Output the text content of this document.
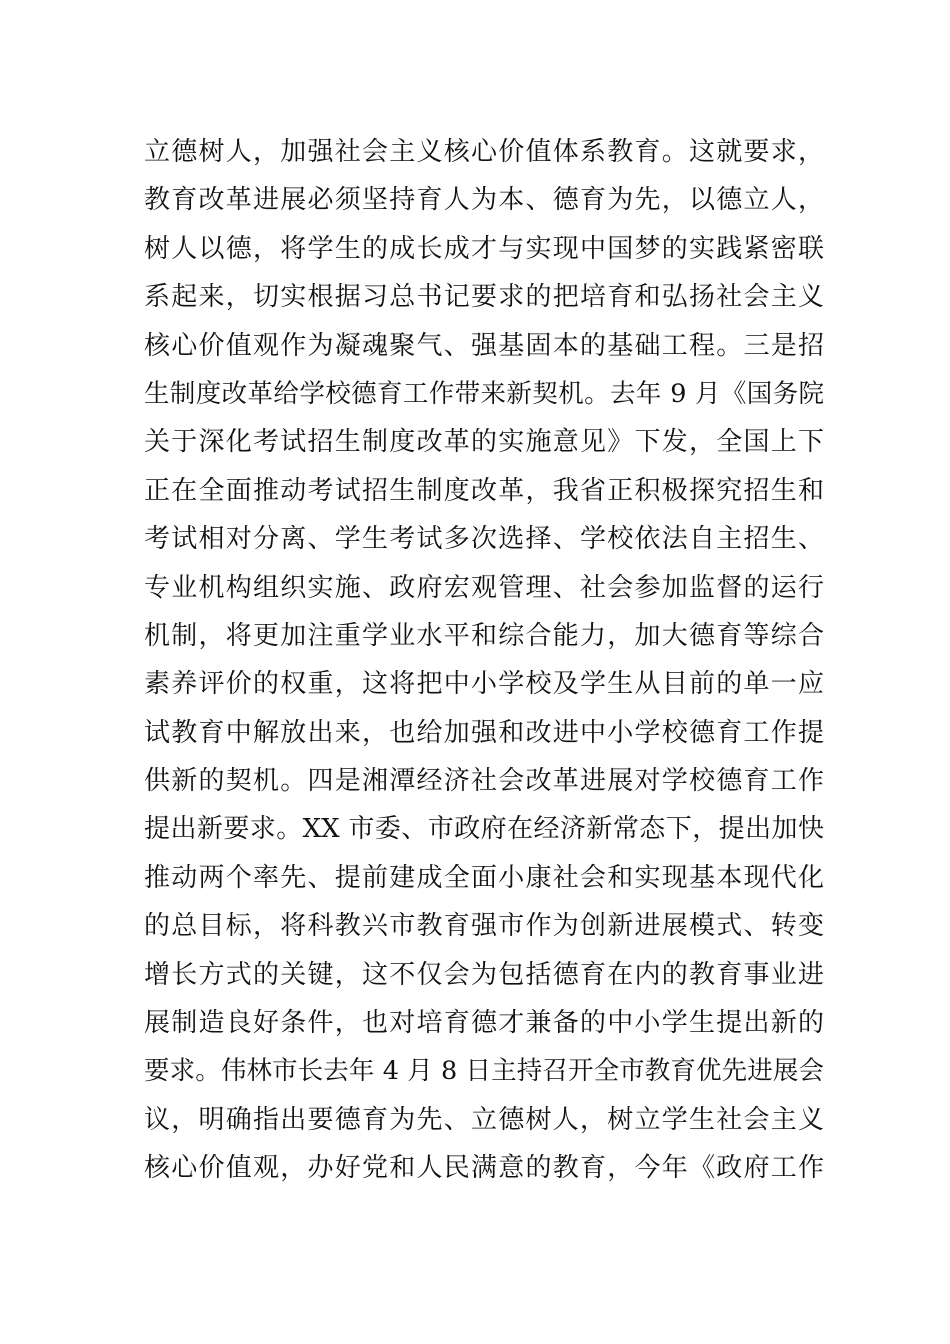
立德树人，加强社会主义核心价值体系教育。这就要求，
教育改革进展必须坚持育人为本、德育为先，以德立人，
树人以德，将学生的成长成才与实现中国梦的实践紧密联
系起来，切实根据习总书记要求的把培育和弘扬社会主义
核心价值观作为凝魂聚气、强基固本的基础工程。三是招
生制度改革给学校德育工作带来新契机。去年 9 月《国务院
关于深化考试招生制度改革的实施意见》下发，全国上下
正在全面推动考试招生制度改革，我省正积极探究招生和
考试相对分离、学生考试多次选择、学校依法自主招生、
专业机构组织实施、政府宏观管理、社会参加监督的运行
机制，将更加注重学业水平和综合能力，加大德育等综合
素养评价的权重，这将把中小学校及学生从目前的单一应
试教育中解放出来，也给加强和改进中小学校德育工作提
供新的契机。四是湘潭经济社会改革进展对学校德育工作
提出新要求。XX 市委、市政府在经济新常态下，提出加快
推动两个率先、提前建成全面小康社会和实现基本现代化
的总目标，将科教兴市教育强市作为创新进展模式、转变
增长方式的关键，这不仅会为包括德育在内的教育事业进
展制造良好条件，也对培育德才兼备的中小学生提出新的
要求。伟林市长去年 4 月 8 日主持召开全市教育优先进展会
议，明确指出要德育为先、立德树人，树立学生社会主义
核心价值观，办好党和人民满意的教育，今年《政府工作
